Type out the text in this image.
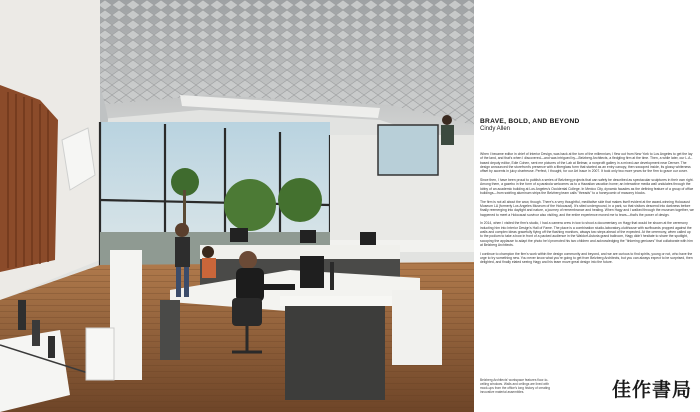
BRAVE, BOLD, AND BEYOND
Cindy Allen

When I became editor in chief of Interior Design, was back at the turn of the millennium, I flew out from New York to Los Angeles to get the lay of the land, and that's when I discovered—and was intrigued by—Belzberg Architects, a fledgling firm at the time. Then, a while later, our L.A.-based deputy editor, Edie Cohen, sent me pictures of the Lab at Belmar, a nonprofit gallery in a mixed-use development near Denver. The design announced the storefront's presence with a fiberglass form that started as an entry canopy, then swooped inside, its glossy whiteness offset by accents in juicy chartreuse. Perfect, I thought, for our Art Issue in 2007. It took only two more years for the firm to grace our cover.

Since then, I have been proud to publish a series of Belzberg projects that can safely be described as spectacular sculptures in their own right. Among them, a gazebo in the form of a parabola welcomes us to a Hawaiian vacation home; an interactive media wall undulates through the lobby of an academic building at Los Angeles's Occidental College. In Mexico City, dynamic facades as the defining feature of a group of office buildings—from swirling aluminum strips the Belzberg team calls "threads" to a honeycomb of masonry blocks.

The firm is not all about the wow, though. There's a very thoughtful, meditative side that makes itself evident at the award-winning Holocaust Museum LA (formerly Los Angeles Museum of the Holocaust). It's sited underground, in a park, so that visitors descend into darkness before finally reemerging into daylight and nature, a journey of remembrance and healing. When Hagy and I walked through the museum together, we happened to meet a Holocaust survivor also visiting, and the entire experience moved me to tears—that's the power of design.

In 2014, when I visited the firm's studio, I had a camera crew in tow to shoot a documentary on Hagy that would be shown at the ceremony inducting him into Interior Design's Hall of Fame. The place is a combination studio-laboratory-clubhouse with surfboards propped against the walls and complex ideas gracefully flying off the flashing monitors, always two steps ahead of the expected. At the ceremony, when called up to the podium to take a bow in front of a packed audience in the Waldorf-Astoria grand ballroom, Hagy didn't hesitate to share the spotlight, scooping the applause to adapt the photo he'd promoted his two children and acknowledging the "tinkering geniuses" that collaborate with him at Belzberg Architects.

I continue to champion the firm's work within the design community and beyond, and we are curious to find spirits, young or not, who have the urge to try something new. You never know what you're going to get from Belzberg Architects, but you can always expect to be surprised, then delighted, and finally elated seeing Hagy and his team move great design into the future.

Belzberg Architects' workspace features floor-to-ceiling windows. Walls and ceilings are lined with mock-ups from the office's long history of creating innovative material assemblies.	佳作書局
